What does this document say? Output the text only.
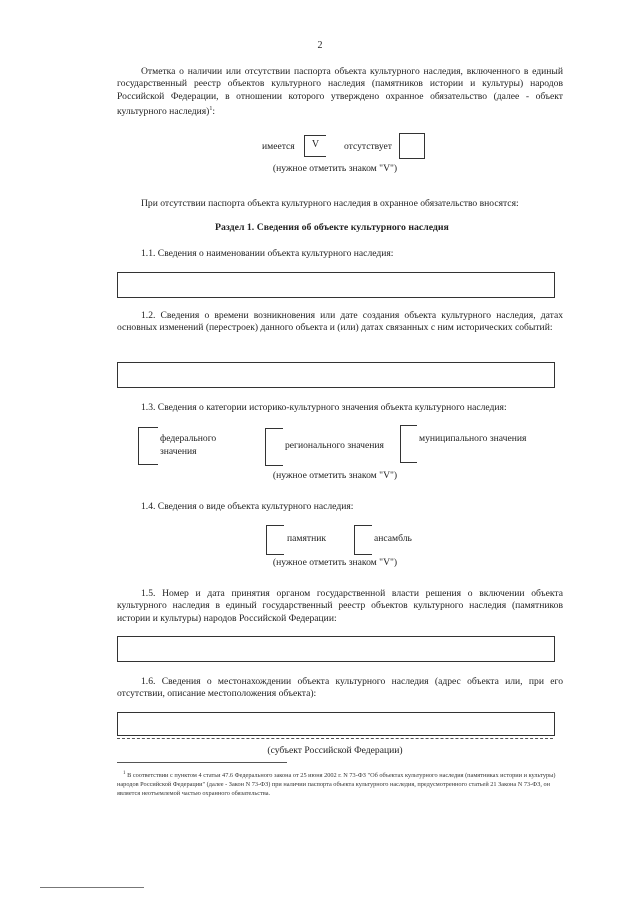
2
Отметка о наличии или отсутствии паспорта объекта культурного наследия, включенного в единый государственный реестр объектов культурного наследия (памятников истории и культуры) народов Российской Федерации, в отношении которого утверждено охранное обязательство (далее - объект культурного наследия)$^1$:
имеется	V	отсутствует
(нужное отметить знаком "V")
При отсутствии паспорта объекта культурного наследия в охранное обязательство вносятся:
Раздел 1. Сведения об объекте культурного наследия
1.1. Сведения о наименовании объекта культурного наследия:
1.2. Сведения о времени возникновения или дате создания объекта культурного наследия, датах основных изменений (перестроек) данного объекта и (или) датах связанных с ним исторических событий:
1.3. Сведения о категории историко-культурного значения объекта культурного наследия:
федерального
значения
регионального значения
муниципального значения
(нужное отметить знаком "V")
1.4. Сведения о виде объекта культурного наследия:
памятник	ансамбль
(нужное отметить знаком "V")
1.5. Номер и дата принятия органом государственной власти решения о включении объекта культурного наследия в единый государственный реестр объектов культурного наследия (памятников истории и культуры) народов Российской Федерации:
1.6. Сведения о местонахождении объекта культурного наследия (адрес объекта или, при его отсутствии, описание местоположения объекта):
(субъект Российской Федерации)
$^1$ В соответствии с пунктом 4 статьи 47.6 Федерального закона от 25 июня 2002 г. N 73-ФЗ "Об объектах культурного наследия (памятниках истории и культуры) народов Российской Федерации" (далее - Закон N 73-ФЗ) при наличии паспорта объекта культурного наследия, предусмотренного статьей 21 Закона N 73-ФЗ, он является неотъемлемой частью охранного обязательства.
